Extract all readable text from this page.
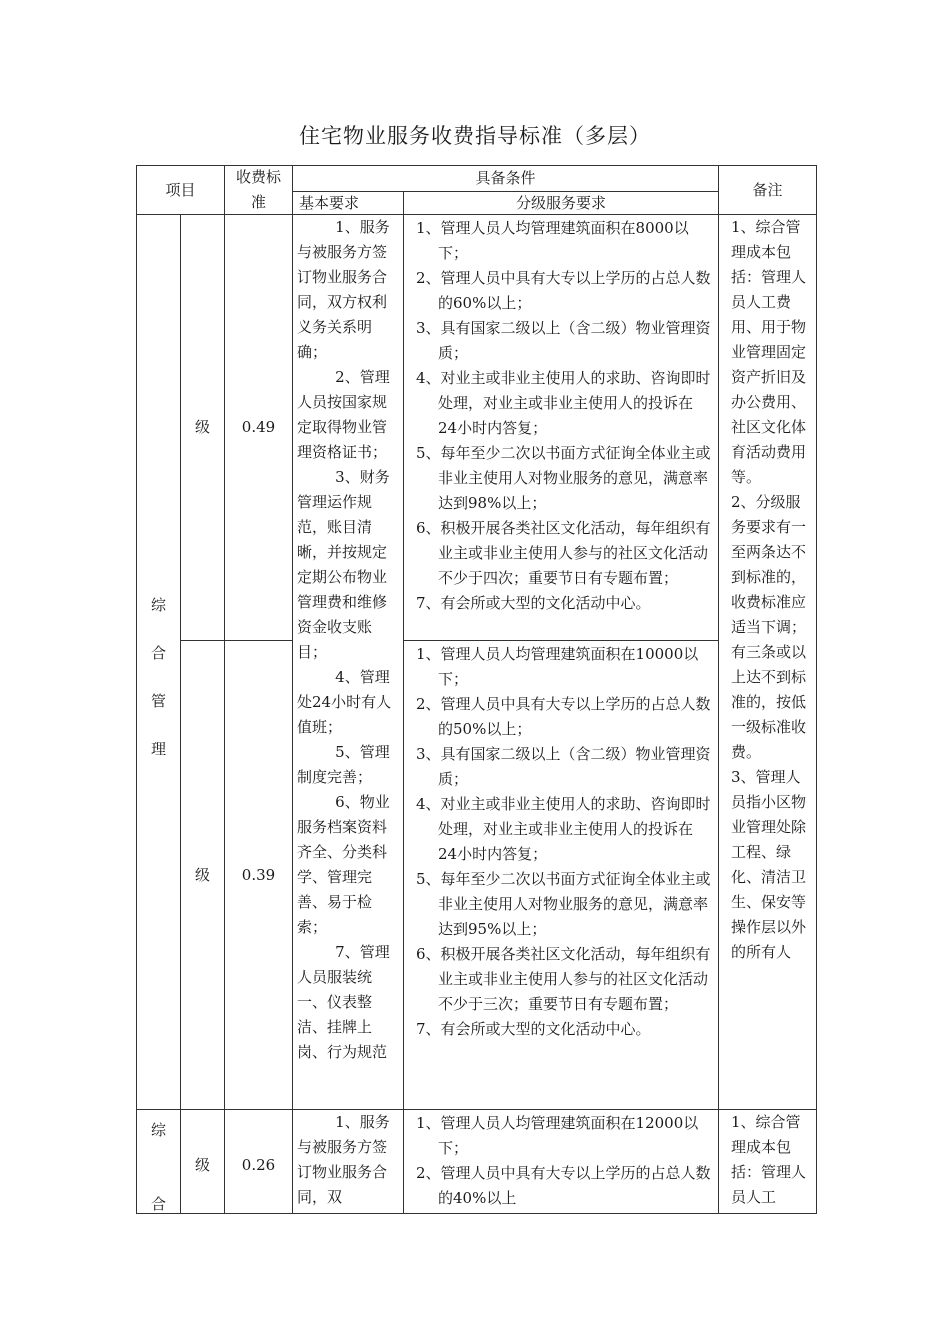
住宅物业服务收费指导标准（多层）
项目
收费标准
具备条件
基本要求	分级服务要求
备注
综
合
管
理
级 0.49
级 0.39
1、服务与被服务方签订物业服务合同，双方权利义务关系明确；
2、管理人员按国家规定取得物业管理资格证书；
3、财务管理运作规范，账目清晰，并按规定定期公布物业管理费和维修资金收支账目；
4、管理处24小时有人值班；
5、管理制度完善；
6、物业服务档案资料齐全、分类科学、管理完善、易于检索；
7、管理人员服装统一、仪表整洁、挂牌上岗、行为规范
1、管理人员人均管理建筑面积在8000以下；
2、管理人员中具有大专以上学历的占总人数的60%以上；
3、具有国家二级以上（含二级）物业管理资质；
4、对业主或非业主使用人的求助、咨询即时处理，对业主或非业主使用人的投诉在24小时内答复；
5、每年至少二次以书面方式征询全体业主或非业主使用人对物业服务的意见，满意率达到98%以上；
6、积极开展各类社区文化活动，每年组织有业主或非业主使用人参与的社区文化活动不少于四次；重要节日有专题布置；
7、有会所或大型的文化活动中心。
1、管理人员人均管理建筑面积在10000以下；
2、管理人员中具有大专以上学历的占总人数的50%以上；
3、具有国家二级以上（含二级）物业管理资质；
4、对业主或非业主使用人的求助、咨询即时处理，对业主或非业主使用人的投诉在24小时内答复；
5、每年至少二次以书面方式征询全体业主或非业主使用人对物业服务的意见，满意率达到95%以上；
6、积极开展各类社区文化活动，每年组织有业主或非业主使用人参与的社区文化活动不少于三次；重要节日有专题布置；
7、有会所或大型的文化活动中心。
1、综合管理成本包括：管理人员人工费用、用于物业管理固定资产折旧及办公费用、社区文化体育活动费用等。
2、分级服务要求有一至两条达不到标准的，收费标准应适当下调；有三条或以上达不到标准的，按低一级标准收费。
3、管理人员指小区物业管理处除工程、绿化、清洁卫生、保安等操作层以外的所有人
综
合
级	0.26
1、服务与被服务方签订物业服务合同，双
1、管理人员人均管理建筑面积在12000以下；
2、管理人员中具有大专以上学历的占总人数的40%以上
1、综合管理成本包括：管理人员人工
